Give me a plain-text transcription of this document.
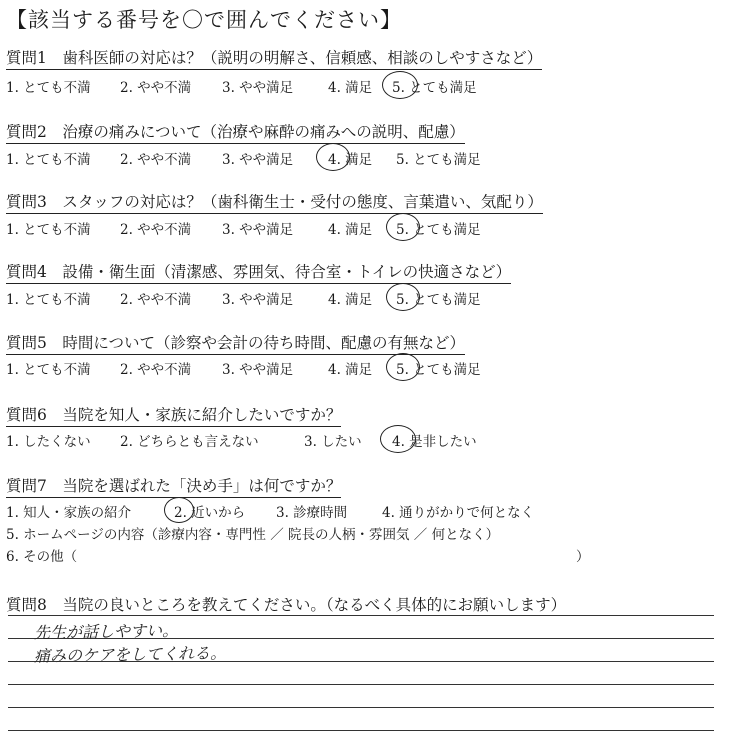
【該当する番号を〇で囲んでください】
質問1　歯科医師の対応は？（説明の明解さ、信頼感、相談のしやすさなど）
1. とても不満 2. やや不満 3. やや満足	4. 満足 5. とても満足
質問2　治療の痛みについて（治療や麻酔の痛みへの説明、配慮）
1. とても不満 2. やや不満 3. やや満足	4. 満足 5. とても満足
質問3　スタッフの対応は？（歯科衛生士・受付の態度、言葉遣い、気配り）
1. とても不満 2. やや不満 3. やや満足	4. 満足 5. とても満足
質問4　設備・衛生面（清潔感、雰囲気、待合室・トイレの快適さなど）
1. とても不満 2. やや不満 3. やや満足	4. 満足 5. とても満足
質問5　時間について（診察や会計の待ち時間、配慮の有無など）
1. とても不満 2. やや不満 3. やや満足	4. 満足 5. とても満足
質問6　当院を知人・家族に紹介したいですか？
1. したくない 2. どちらとも言えない	3. したい 4. 是非したい
質問7　当院を選ばれた「決め手」は何ですか？
1. 知人・家族の紹介	2. 近いから 3. 診療時間	4. 通りがかりで何となく
5. ホームページの内容（診療内容・専門性 ／ 院長の人柄・雰囲気 ／ 何となく）
6. その他（	）
質問8　当院の良いところを教えてください。（なるべく具体的にお願いします）
先生が話しやすい。
痛みのケアをしてくれる。
